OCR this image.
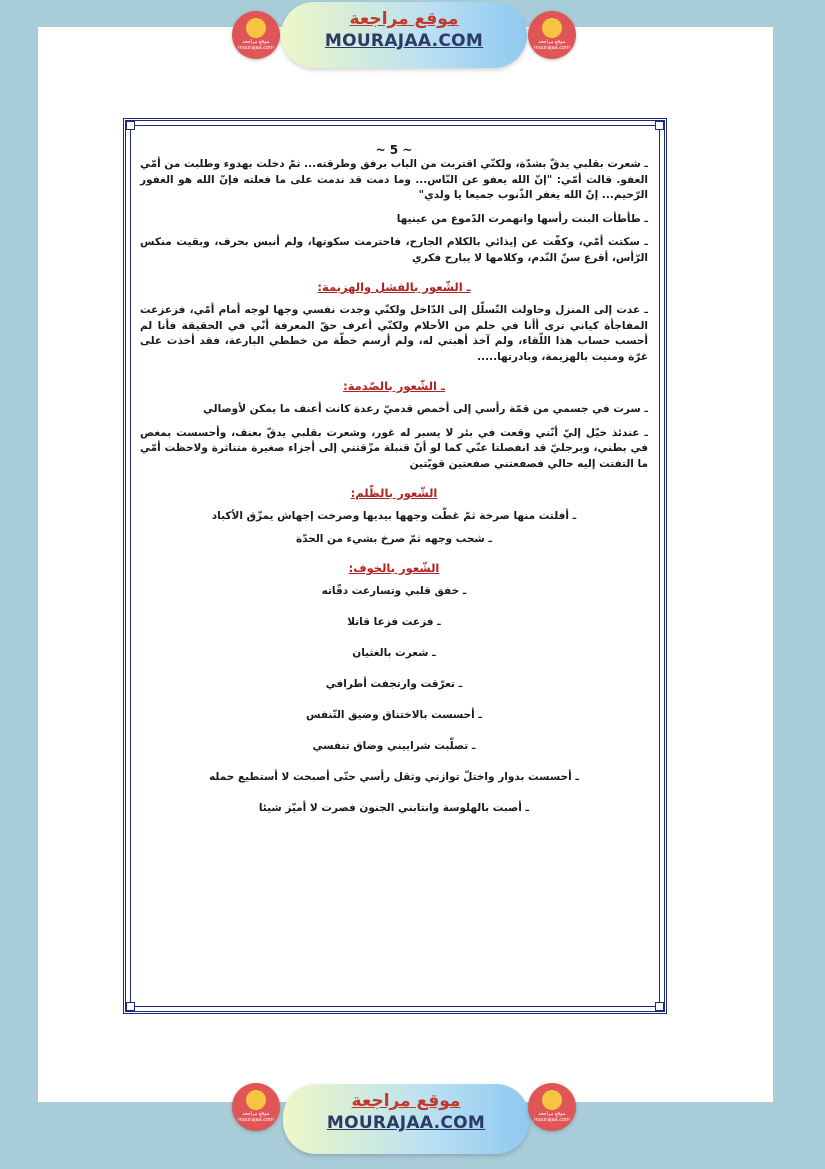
موقع مراجعة
mourajaa.com
موقع مراجعة
MOURAJAA.COM	موقع مراجعة
mourajaa.com

~ 5 ~

ـ شعرت بقلبي يدقّ بشدّة، ولكنّي اقتربت من الباب برفق وطرقته... ثمّ دخلت بهدوء وطلبت من أمّي العفو. قالت أمّي: "إنّ الله يعفو عن النّاس... وما دمت قد ندمت على ما فعلته فإنّ الله هو الغفور الرّحيم... إنّ الله يغفر الذّنوب جميعا يا ولدي"

ـ طأطأت البنت رأسها وانهمرت الدّموع من عينيها

ـ سكتت أمّي، وكفّت عن إيذائي بالكلام الجارح، فاحترمت سكوتها، ولم أنبس بحرف، وبقيت منكس الرّأس، أقرع سنّ النّدم، وكلامها لا يبارح فكري

ـ الشّعور بالفشل والهزيمة:

ـ عدت إلى المنزل وحاولت التّسلّل إلى الدّاخل ولكنّي وجدت نفسي وجها لوجه أمام أمّي، فزعزعت المفاجأة كياني ترى أأنا في حلم من الأحلام ولكنّي أعرف حقّ المعرفة أنّي في الحقيقة فأنا لم أحسب حساب هذا اللّقاء، ولم آخذ أهبتي له، ولم أرسم خطّة من خططي البارعة، فقد أخذت على غرّة ومنيت بالهزيمة، وبادرتها.....

ـ الشّعور بالصّدمة:

ـ سرت في جسمي من قمّة رأسي إلى أخمص قدميّ رعدة كانت أعنف ما يمكن لأوصالي

ـ عندئذ خيّل إليّ أنّني وقعت في بئر لا يسبر له غور، وشعرت بقلبي يدقّ بعنف، وأحسست بمغص في بطني، وبرجليّ قد انفصلتا عنّي كما لو أنّ قنبلة مزّقتني إلى أجزاء صغيرة متناثرة ولاحظت أمّي ما التفتت إليه حالي فصفعتني صفعتين قويّتين

الشّعور بالظّلم:

ـ أفلتت منها صرخة ثمّ غطّت وجهها بيديها وصرخت إجهاش يمزّق الأكباد

ـ شحب وجهه ثمّ صرخ بشيء من الحدّة

الشّعور بالخوف:

ـ خفق قلبي وتسارعت دقّاته

ـ فزعت فزعا قاتلا

ـ شعرت بالغثيان

ـ تعرّقت وارتجفت أطرافي

ـ أحسست بالاختناق وضيق التّنفس

ـ تصلّبت شراييني وضاق تنفسي

ـ أحسست بدوار واختلّ توازني وثقل رأسي حتّى أصبحت لا أستطيع حمله

ـ أصبت بالهلوسة وانتابني الجنون فصرت لا أميّز شيئا

موقع مراجعة
mourajaa.com
موقع مراجعة
MOURAJAA.COM	موقع مراجعة
mourajaa.com
